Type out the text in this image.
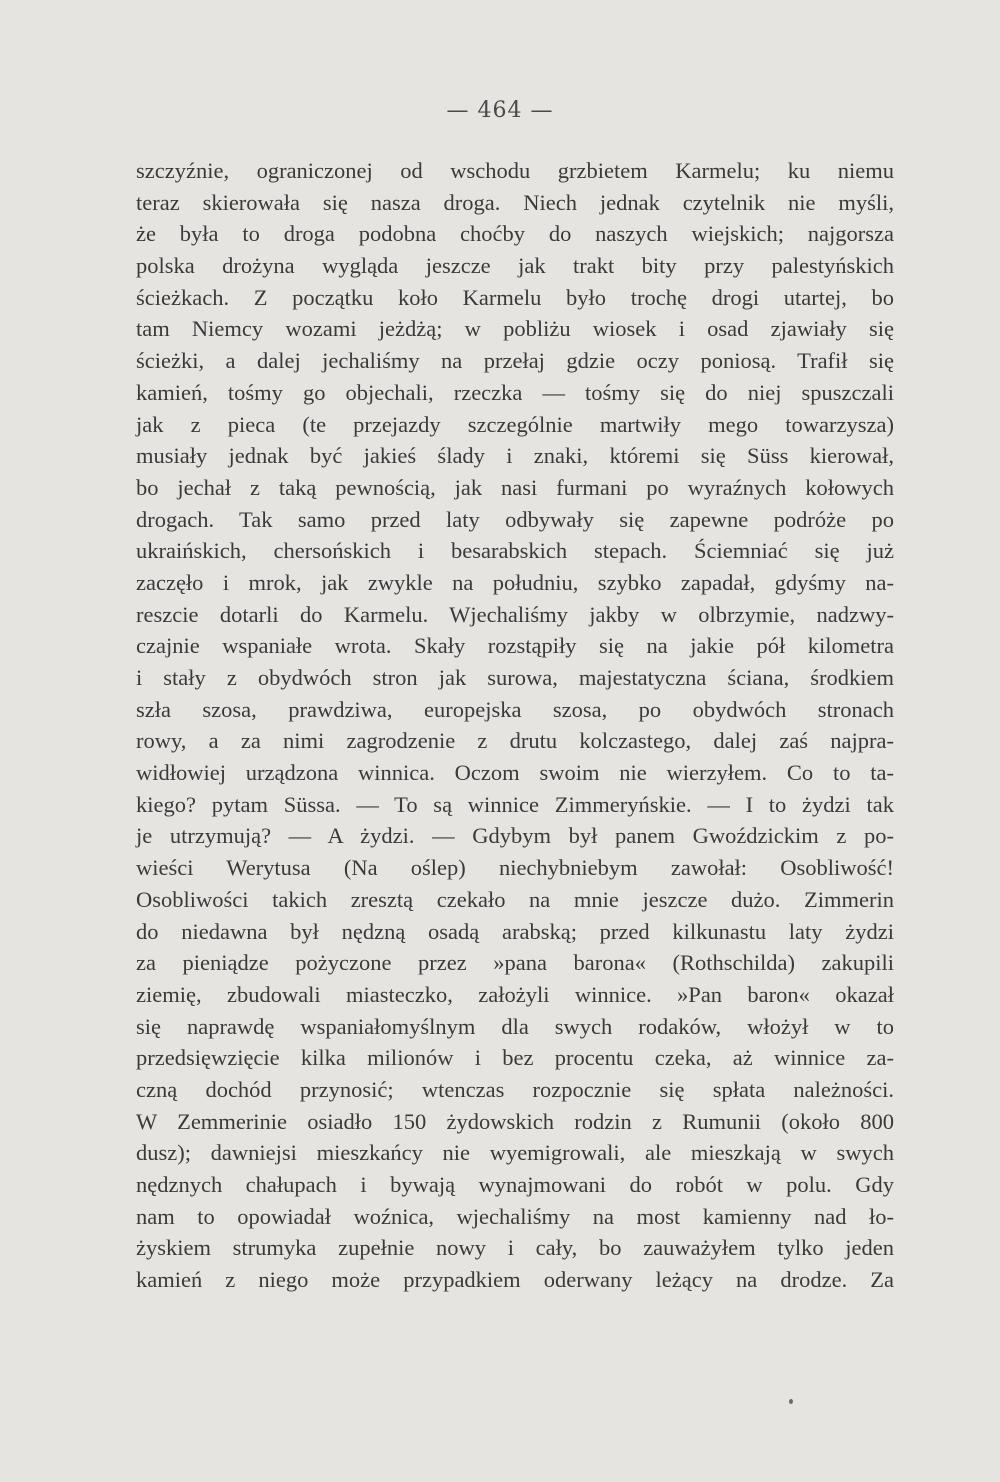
— 464 —
szczyźnie, ograniczonej od wschodu grzbietem Karmelu; ku niemu
teraz skierowała się nasza droga. Niech jednak czytelnik nie myśli,
że była to droga podobna choćby do naszych wiejskich; najgorsza
polska drożyna wygląda jeszcze jak trakt bity przy palestyńskich
ścieżkach. Z początku koło Karmelu było trochę drogi utartej, bo
tam Niemcy wozami jeżdżą; w pobliżu wiosek i osad zjawiały się
ścieżki, a dalej jechaliśmy na przełaj gdzie oczy poniosą. Trafił się
kamień, tośmy go objechali, rzeczka — tośmy się do niej spuszczali
jak z pieca (te przejazdy szczególnie martwiły mego towarzysza)
musiały jednak być jakieś ślady i znaki, któremi się Süss kierował,
bo jechał z taką pewnością, jak nasi furmani po wyraźnych kołowych
drogach. Tak samo przed laty odbywały się zapewne podróże po
ukraińskich, chersońskich i besarabskich stepach. Ściemniać się już
zaczęło i mrok, jak zwykle na południu, szybko zapadał, gdyśmy na-
reszcie dotarli do Karmelu. Wjechaliśmy jakby w olbrzymie, nadzwy-
czajnie wspaniałe wrota. Skały rozstąpiły się na jakie pół kilometra
i stały z obydwóch stron jak surowa, majestatyczna ściana, środkiem
szła szosa, prawdziwa, europejska szosa, po obydwóch stronach
rowy, a za nimi zagrodzenie z drutu kolczastego, dalej zaś najpra-
widłowiej urządzona winnica. Oczom swoim nie wierzyłem. Co to ta-
kiego? pytam Süssa. — To są winnice Zimmeryńskie. — I to żydzi tak
je utrzymują? — A żydzi. — Gdybym był panem Gwoździckim z po-
wieści Werytusa (Na oślep) niechybniebym zawołał: Osobliwość!
Osobliwości takich zresztą czekało na mnie jeszcze dużo. Zimmerin
do niedawna był nędzną osadą arabską; przed kilkunastu laty żydzi
za pieniądze pożyczone przez »pana barona« (Rothschilda) zakupili
ziemię, zbudowali miasteczko, założyli winnice. »Pan baron« okazał
się naprawdę wspaniałomyślnym dla swych rodaków, włożył w to
przedsięwzięcie kilka milionów i bez procentu czeka, aż winnice za-
czną dochód przynosić; wtenczas rozpocznie się spłata należności.
W Zemmerinie osiadło 150 żydowskich rodzin z Rumunii (około 800
dusz); dawniejsi mieszkańcy nie wyemigrowali, ale mieszkają w swych
nędznych chałupach i bywają wynajmowani do robót w polu. Gdy
nam to opowiadał woźnica, wjechaliśmy na most kamienny nad ło-
żyskiem strumyka zupełnie nowy i cały, bo zauważyłem tylko jeden
kamień z niego może przypadkiem oderwany leżący na drodze. Za
